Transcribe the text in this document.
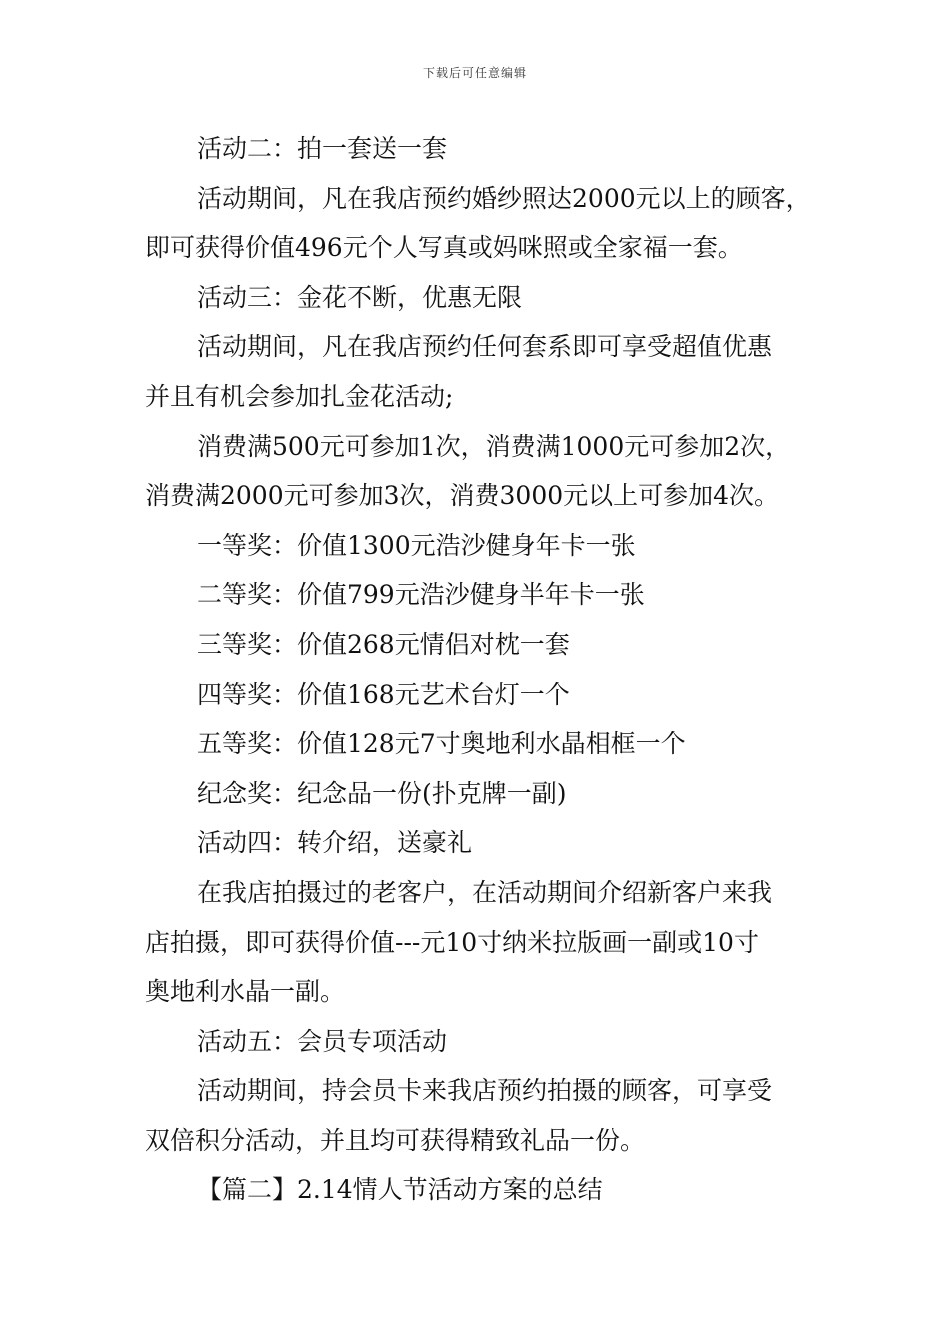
下载后可任意编辑
活动二：拍一套送一套
活动期间，凡在我店预约婚纱照达2000元以上的顾客，
即可获得价值496元个人写真或妈咪照或全家福一套。
活动三：金花不断，优惠无限
活动期间，凡在我店预约任何套系即可享受超值优惠
并且有机会参加扎金花活动;
消费满500元可参加1次，消费满1000元可参加2次，
消费满2000元可参加3次，消费3000元以上可参加4次。
一等奖：价值1300元浩沙健身年卡一张
二等奖：价值799元浩沙健身半年卡一张
三等奖：价值268元情侣对枕一套
四等奖：价值168元艺术台灯一个
五等奖：价值128元7寸奥地利水晶相框一个
纪念奖：纪念品一份(扑克牌一副)
活动四：转介绍，送豪礼
在我店拍摄过的老客户，在活动期间介绍新客户来我
店拍摄，即可获得价值---元10寸纳米拉版画一副或10寸
奥地利水晶一副。
活动五：会员专项活动
活动期间，持会员卡来我店预约拍摄的顾客，可享受
双倍积分活动，并且均可获得精致礼品一份。
【篇二】2.14情人节活动方案的总结
